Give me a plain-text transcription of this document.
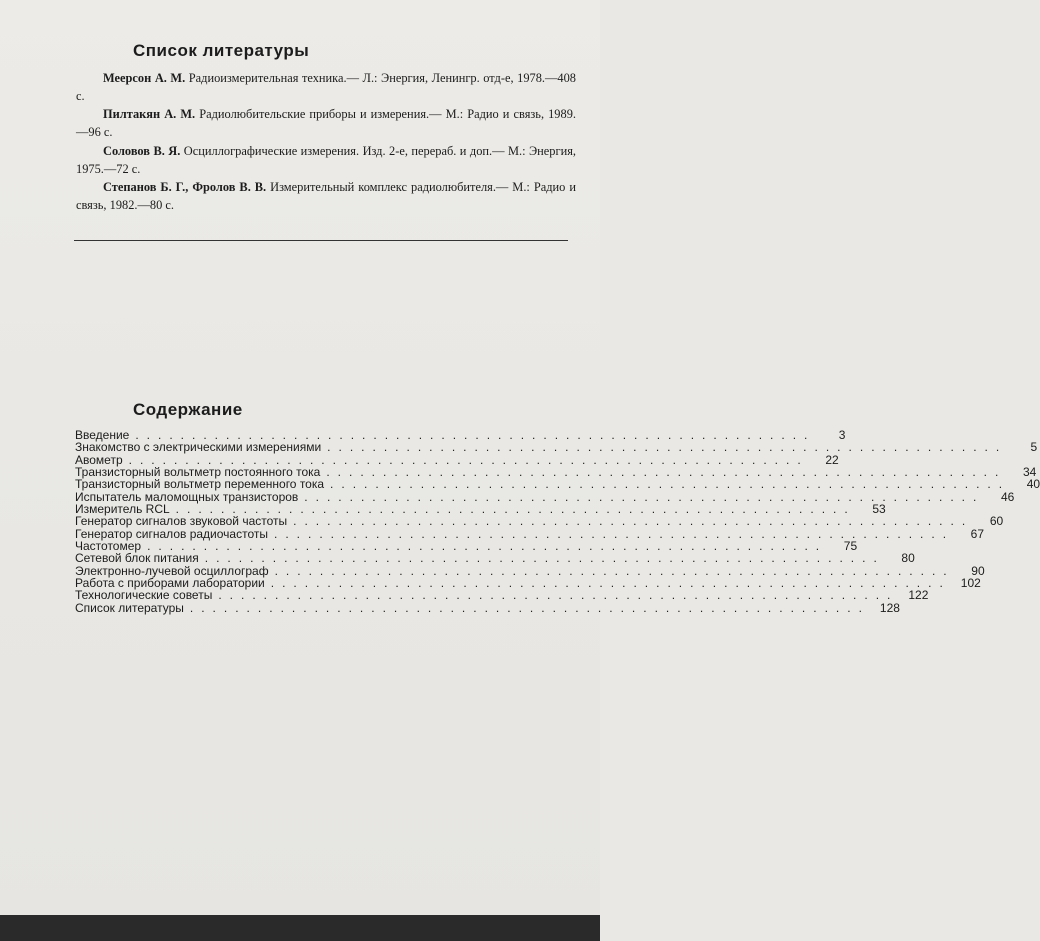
Список литературы

Меерсон А. М. Радиоизмерительная техника.— Л.: Энергия, Ленингр. отд-е, 1978.—408 с.

Пилтакян А. М. Радиолюбительские приборы и измерения.— М.: Радио и связь, 1989.—96 с.

Соловов В. Я. Осциллографические измерения. Изд. 2-е, перераб. и доп.— М.: Энергия, 1975.—72 с.

Степанов Б. Г., Фролов В. В. Измерительный комплекс радиолюбителя.— М.: Радио и связь, 1982.—80 с.

Содержание
Введение ............................................................	3
Знакомство с электрическими измерениями ............................................................	5
Авометр ............................................................	22
Транзисторный вольтметр постоянного тока ............................................................	34
Транзисторный вольтметр переменного тока ............................................................	40
Испытатель маломощных транзисторов ............................................................	46
Измеритель RCL ............................................................	53
Генератор сигналов звуковой частоты ............................................................	60
Генератор сигналов радиочастоты ............................................................	67
Частотомер ............................................................	75
Сетевой блок питания ............................................................	80
Электронно-лучевой осциллограф ............................................................	90
Работа с приборами лаборатории ............................................................ 102
Технологические советы ............................................................ 122
Список литературы ............................................................ 128
